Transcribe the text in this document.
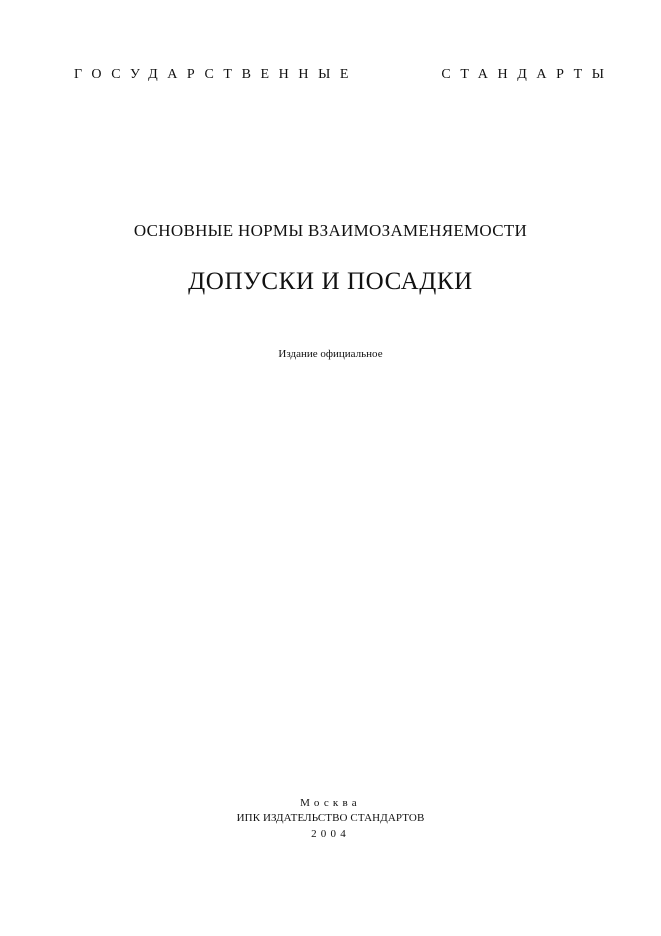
ГОСУДАРСТВЕННЫЕ	СТАНДАРТЫ
ОСНОВНЫЕ НОРМЫ ВЗАИМОЗАМЕНЯЕМОСТИ
ДОПУСКИ И ПОСАДКИ
Издание официальное
Москва
ИПК ИЗДАТЕЛЬСТВО СТАНДАРТОВ
2004
